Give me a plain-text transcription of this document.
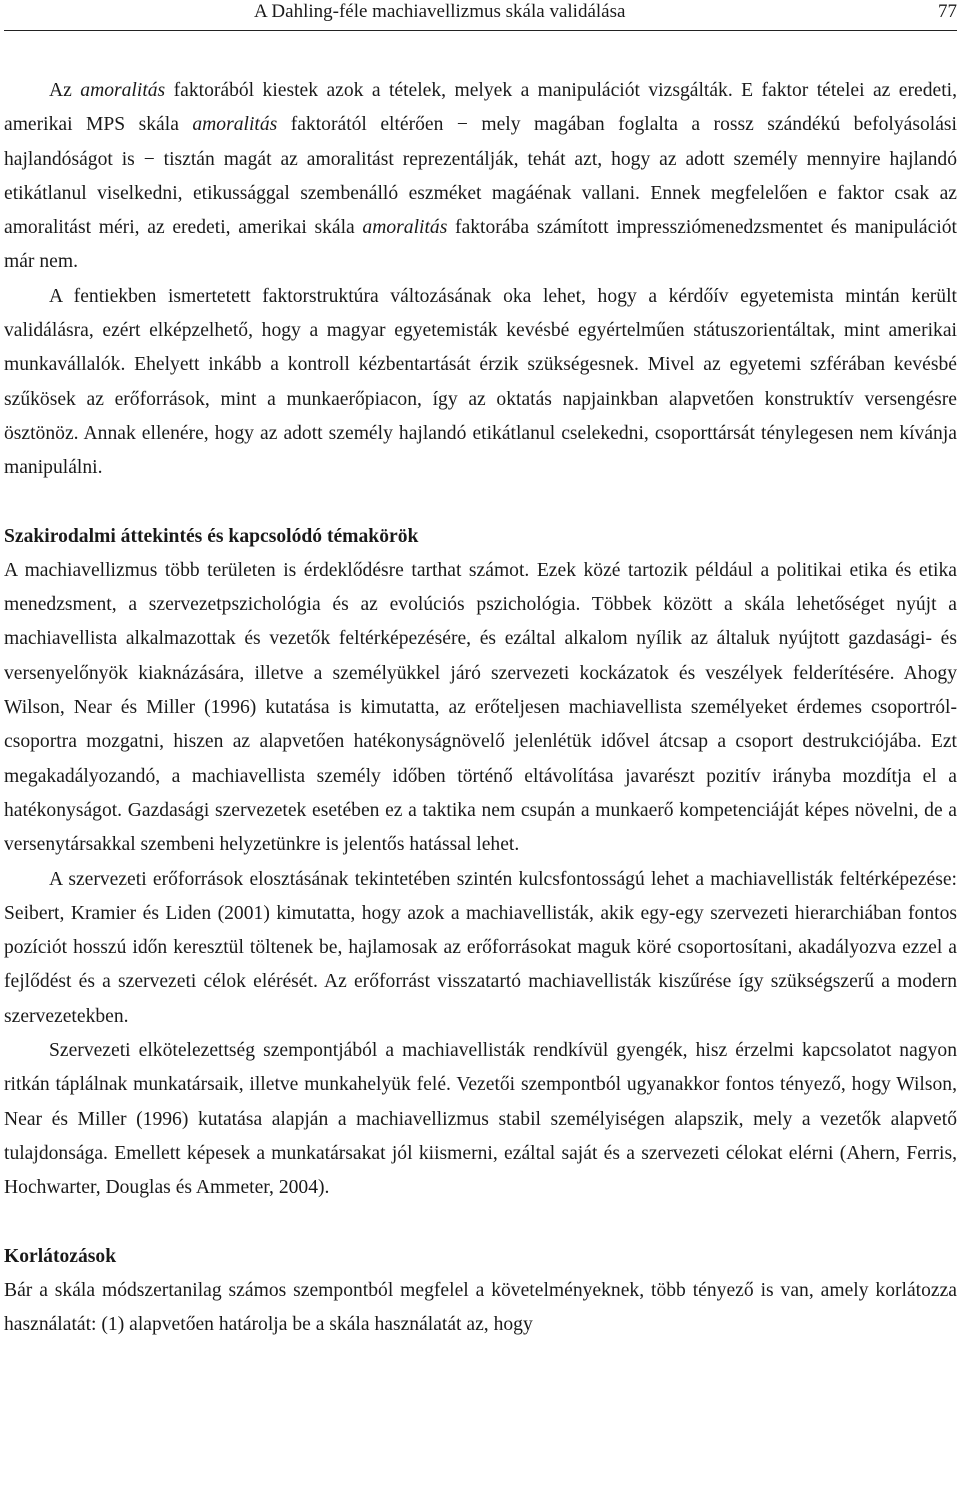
A Dahling-féle machiavellizmus skála validálása	77

Az amoralitás faktorából kiestek azok a tételek, melyek a manipulációt vizsgálták. E faktor tételei az eredeti, amerikai MPS skála amoralitás faktorától eltérően − mely magában foglalta a rossz szándékú befolyásolási hajlandóságot is − tisztán magát az amoralitást reprezentálják, tehát azt, hogy az adott személy mennyire hajlandó etikátlanul viselkedni, etikussággal szembenálló eszméket magáénak vallani. Ennek megfelelően e faktor csak az amoralitást méri, az eredeti, amerikai skála amoralitás faktorába számított impressziómenedzsmentet és manipulációt már nem.

A fentiekben ismertetett faktorstruktúra változásának oka lehet, hogy a kérdőív egyetemista mintán került validálásra, ezért elképzelhető, hogy a magyar egyetemisták kevésbé egyértelműen státuszorientáltak, mint amerikai munkavállalók. Ehelyett inkább a kontroll kézbentartását érzik szükségesnek. Mivel az egyetemi szférában kevésbé szűkösek az erőforrások, mint a munkaerőpiacon, így az oktatás napjainkban alapvetően konstruktív versengésre ösztönöz. Annak ellenére, hogy az adott személy hajlandó etikátlanul cselekedni, csoporttársát ténylegesen nem kívánja manipulálni.

Szakirodalmi áttekintés és kapcsolódó témakörök

A machiavellizmus több területen is érdeklődésre tarthat számot. Ezek közé tartozik például a politikai etika és etika menedzsment, a szervezetpszichológia és az evolúciós pszichológia. Többek között a skála lehetőséget nyújt a machiavellista alkalmazottak és vezetők feltérképezésére, és ezáltal alkalom nyílik az általuk nyújtott gazdasági- és versenyelőnyök kiaknázására, illetve a személyükkel járó szervezeti kockázatok és veszélyek felderítésére. Ahogy Wilson, Near és Miller (1996) kutatása is kimutatta, az erőteljesen machiavellista személyeket érdemes csoportról-csoportra mozgatni, hiszen az alapvetően hatékonyságnövelő jelenlétük idővel átcsap a csoport destrukciójába. Ezt megakadályozandó, a machiavellista személy időben történő eltávolítása javarészt pozitív irányba mozdítja el a hatékonyságot. Gazdasági szervezetek esetében ez a taktika nem csupán a munkaerő kompetenciáját képes növelni, de a versenytársakkal szembeni helyzetünkre is jelentős hatással lehet.

A szervezeti erőforrások elosztásának tekintetében szintén kulcsfontosságú lehet a machiavellisták feltérképezése: Seibert, Kramier és Liden (2001) kimutatta, hogy azok a machiavellisták, akik egy-egy szervezeti hierarchiában fontos pozíciót hosszú időn keresztül töltenek be, hajlamosak az erőforrásokat maguk köré csoportosítani, akadályozva ezzel a fejlődést és a szervezeti célok elérését. Az erőforrást visszatartó machiavellisták kiszűrése így szükségszerű a modern szervezetekben.

Szervezeti elkötelezettség szempontjából a machiavellisták rendkívül gyengék, hisz érzelmi kapcsolatot nagyon ritkán táplálnak munkatársaik, illetve munkahelyük felé. Vezetői szempontból ugyanakkor fontos tényező, hogy Wilson, Near és Miller (1996) kutatása alapján a machiavellizmus stabil személyiségen alapszik, mely a vezetők alapvető tulajdonsága. Emellett képesek a munkatársakat jól kiismerni, ezáltal saját és a szervezeti célokat elérni (Ahern, Ferris, Hochwarter, Douglas és Ammeter, 2004).

Korlátozások

Bár a skála módszertanilag számos szempontból megfelel a követelményeknek, több tényező is van, amely korlátozza használatát: (1) alapvetően határolja be a skála használatát az, hogy
